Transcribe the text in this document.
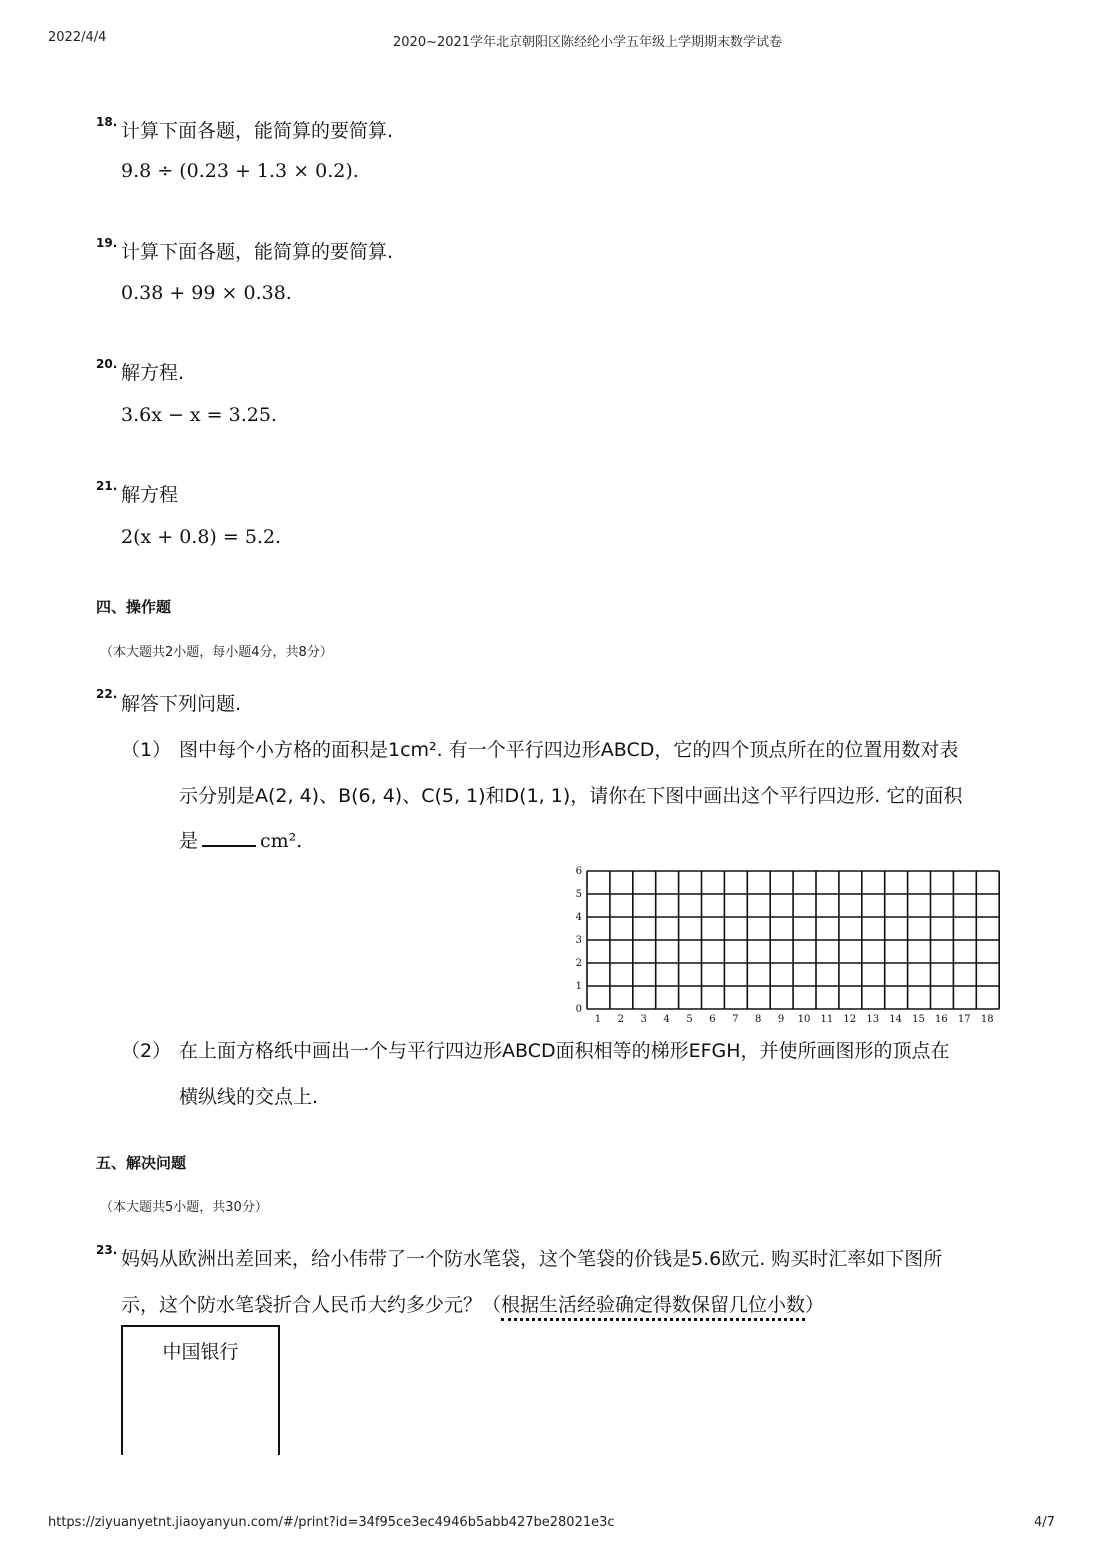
2022/4/4	2020~2021学年北京朝阳区陈经纶小学五年级上学期期末数学试卷
18. 计算下面各题，能简算的要简算.
9.8 ÷ (0.23 + 1.3 × 0.2).
19. 计算下面各题，能简算的要简算.
0.38 + 99 × 0.38.
20. 解方程.
3.6x − x = 3.25.
21. 解方程
2(x + 0.8) = 5.2.
四、操作题
（本大题共2小题，每小题4分，共8分）
22. 解答下列问题.
（1） 图中每个小方格的面积是1cm². 有一个平行四边形ABCD，它的四个顶点所在的位置用数对表
示分别是A(2, 4)、B(6, 4)、C(5, 1)和D(1, 1)，请你在下图中画出这个平行四边形. 它的面积
是	cm².
1 2 3 4 5 6 7 8 9 10 11 12 13 14 15 16 17 18
0
1
2
3
4
5
6
（2） 在上面方格纸中画出一个与平行四边形ABCD面积相等的梯形EFGH，并使所画图形的顶点在
横纵线的交点上.
五、解决问题
（本大题共5小题，共30分）
23. 妈妈从欧洲出差回来，给小伟带了一个防水笔袋，这个笔袋的价钱是5.6欧元. 购买时汇率如下图所
示，这个防水笔袋折合人民币大约多少元？（根据生活经验确定得数保留几位小数）
中国银行
https://ziyuanyetnt.jiaoyanyun.com/#/print?id=34f95ce3ec4946b5abb427be28021e3c	4/7
